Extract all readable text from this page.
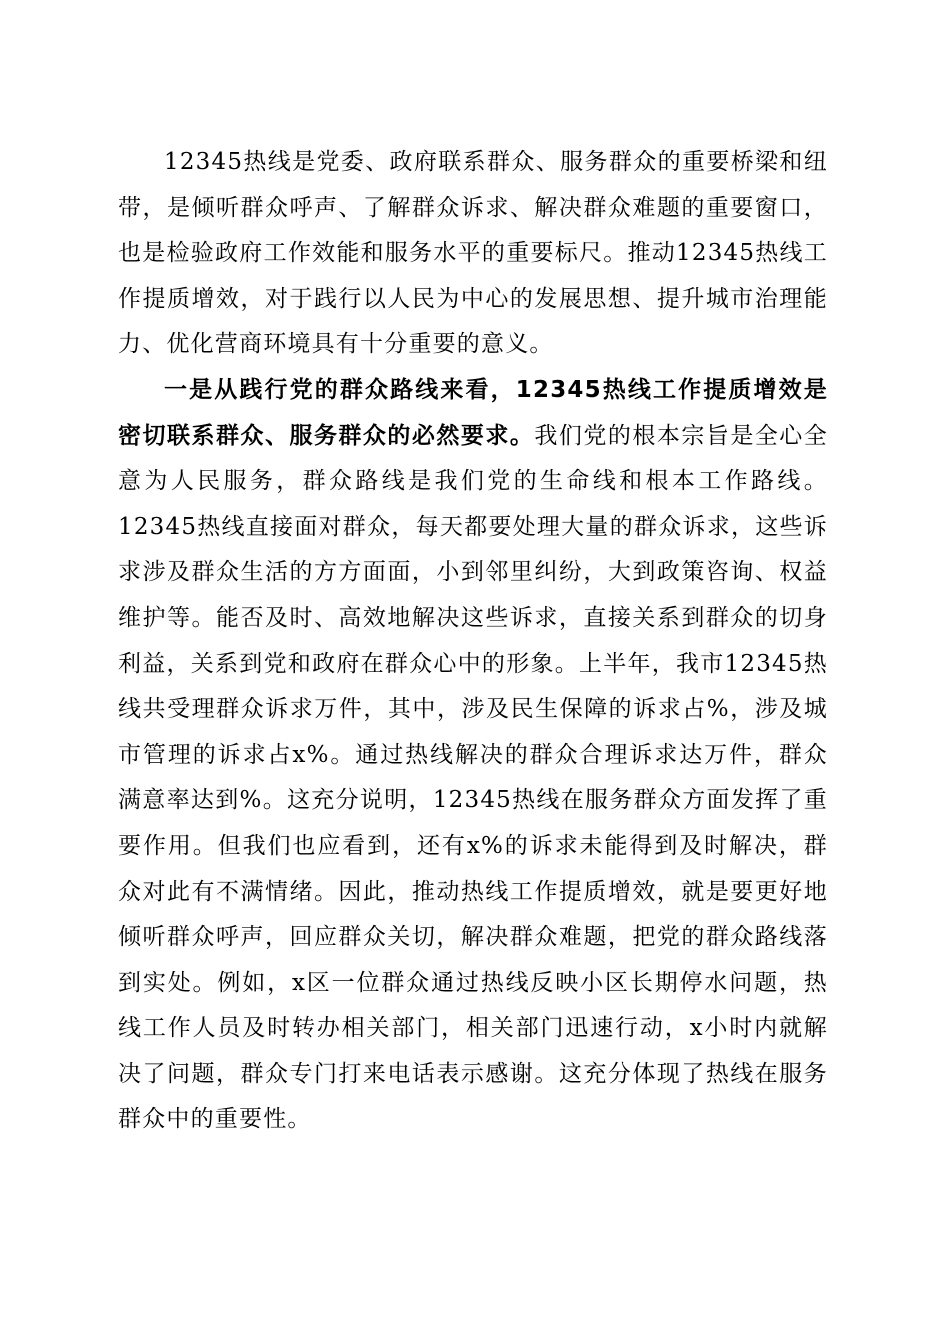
12345热线是党委、政府联系群众、服务群众的重要桥梁和纽带，是倾听群众呼声、了解群众诉求、解决群众难题的重要窗口，也是检验政府工作效能和服务水平的重要标尺。推动12345热线工作提质增效，对于践行以人民为中心的发展思想、提升城市治理能力、优化营商环境具有十分重要的意义。

一是从践行党的群众路线来看，12345热线工作提质增效是密切联系群众、服务群众的必然要求。我们党的根本宗旨是全心全意为人民服务，群众路线是我们党的生命线和根本工作路线。12345热线直接面对群众，每天都要处理大量的群众诉求，这些诉求涉及群众生活的方方面面，小到邻里纠纷，大到政策咨询、权益维护等。能否及时、高效地解决这些诉求，直接关系到群众的切身利益，关系到党和政府在群众心中的形象。上半年，我市12345热线共受理群众诉求万件，其中，涉及民生保障的诉求占%，涉及城市管理的诉求占x%。通过热线解决的群众合理诉求达万件，群众满意率达到%。这充分说明，12345热线在服务群众方面发挥了重要作用。但我们也应看到，还有x%的诉求未能得到及时解决，群众对此有不满情绪。因此，推动热线工作提质增效，就是要更好地倾听群众呼声，回应群众关切，解决群众难题，把党的群众路线落到实处。例如，x区一位群众通过热线反映小区长期停水问题，热线工作人员及时转办相关部门，相关部门迅速行动，x小时内就解决了问题，群众专门打来电话表示感谢。这充分体现了热线在服务群众中的重要性。
